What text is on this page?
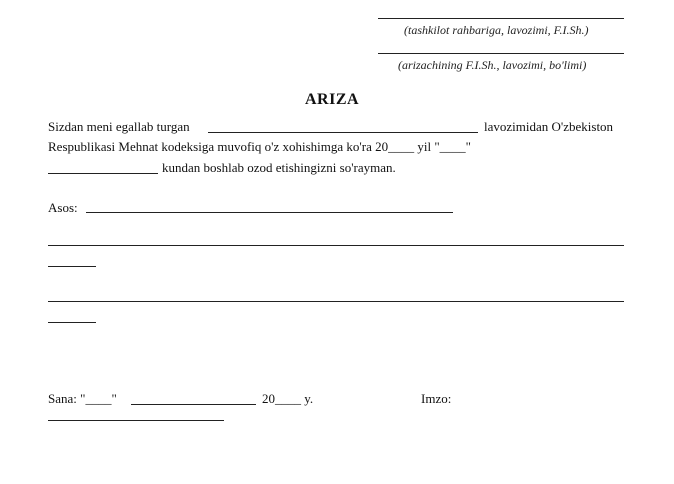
(tashkilot rahbariga, lavozimi, F.I.Sh.)
(arizachining F.I.Sh., lavozimi, bo'limi)
ARIZA
Sizdan meni egallab turgan	lavozimidan O'zbekiston
Respublikasi Mehnat kodeksiga muvofiq o'z xohishimga ko'ra 20____ yil "____"
kundan boshlab ozod etishingizni so'rayman.
Asos:
Sana: "____"	20____ y.	Imzo:
